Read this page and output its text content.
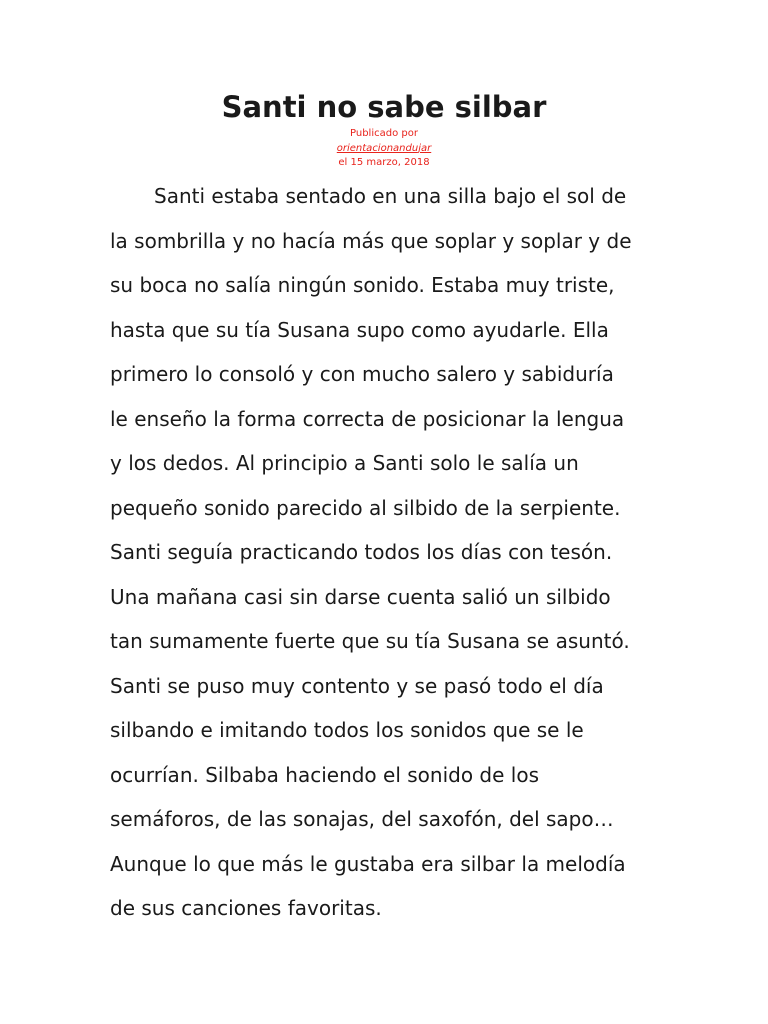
Santi no sabe silbar
Publicado por
orientacionandujar
el 15 marzo, 2018

Santi estaba sentado en una silla bajo el sol de
la sombrilla y no hacía más que soplar y soplar y de
su boca no salía ningún sonido. Estaba muy triste,
hasta que su tía Susana supo como ayudarle. Ella
primero lo consoló y con mucho salero y sabiduría
le enseño la forma correcta de posicionar la lengua
y los dedos. Al principio a Santi solo le salía un
pequeño sonido parecido al silbido de la serpiente.
Santi seguía practicando todos los días con tesón.
Una mañana casi sin darse cuenta salió un silbido
tan sumamente fuerte que su tía Susana se asuntó.
Santi se puso muy contento y se pasó todo el día
silbando e imitando todos los sonidos que se le
ocurrían. Silbaba haciendo el sonido de los
semáforos, de las sonajas, del saxofón, del sapo…
Aunque lo que más le gustaba era silbar la melodía
de sus canciones favoritas.
